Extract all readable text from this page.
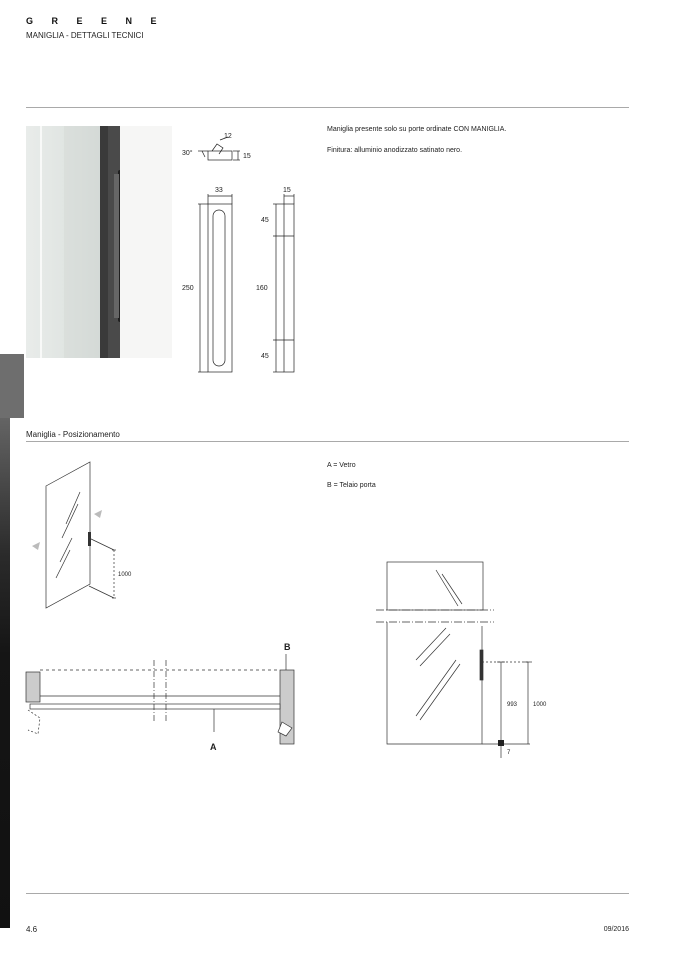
G R E E N E
MANIGLIA - DETTAGLI TECNICI
30°
12
15
33
250
15
45
160
45
Maniglia presente solo su porte ordinate CON MANIGLIA.
Finitura: alluminio anodizzato satinato nero.
Maniglia - Posizionamento
A = Vetro
B = Telaio porta
1000
A
B
993	1000
7
4.6	09/2016
